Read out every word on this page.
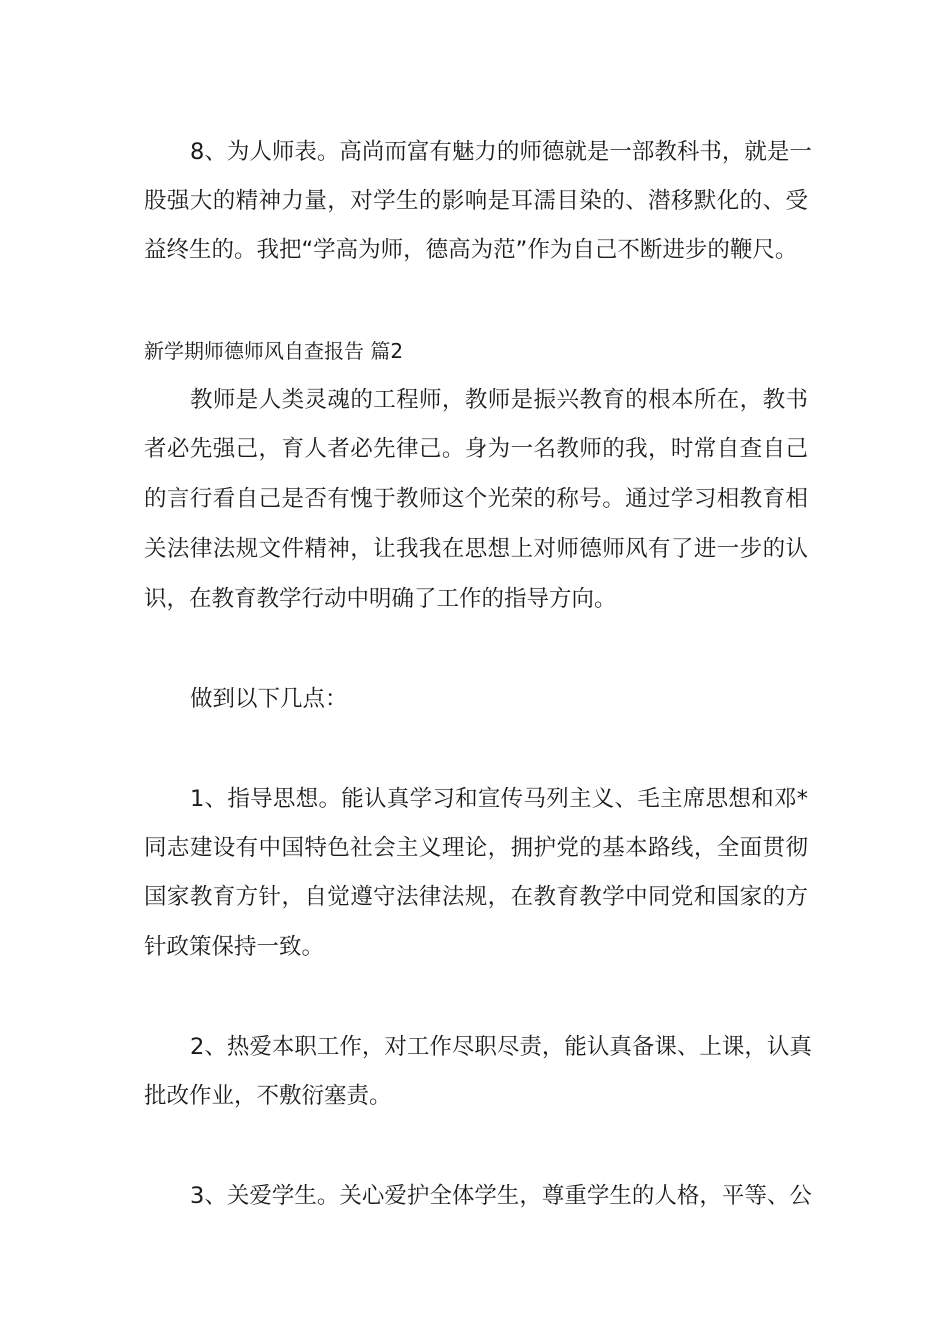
8、为人师表。高尚而富有魅力的师德就是一部教科书，就是一
股强大的精神力量，对学生的影响是耳濡目染的、潜移默化的、受
益终生的。我把“学高为师，德高为范”作为自己不断进步的鞭尺。
新学期师德师风自查报告 篇2
教师是人类灵魂的工程师，教师是振兴教育的根本所在，教书
者必先强己，育人者必先律己。身为一名教师的我，时常自查自己
的言行看自己是否有愧于教师这个光荣的称号。通过学习相教育相
关法律法规文件精神，让我我在思想上对师德师风有了进一步的认
识，在教育教学行动中明确了工作的指导方向。
做到以下几点：
1、指导思想。能认真学习和宣传马列主义、毛主席思想和邓*
同志建设有中国特色社会主义理论，拥护党的基本路线，全面贯彻
国家教育方针，自觉遵守法律法规，在教育教学中同党和国家的方
针政策保持一致。
2、热爱本职工作，对工作尽职尽责，能认真备课、上课，认真
批改作业，不敷衍塞责。
3、关爱学生。关心爱护全体学生，尊重学生的人格，平等、公
